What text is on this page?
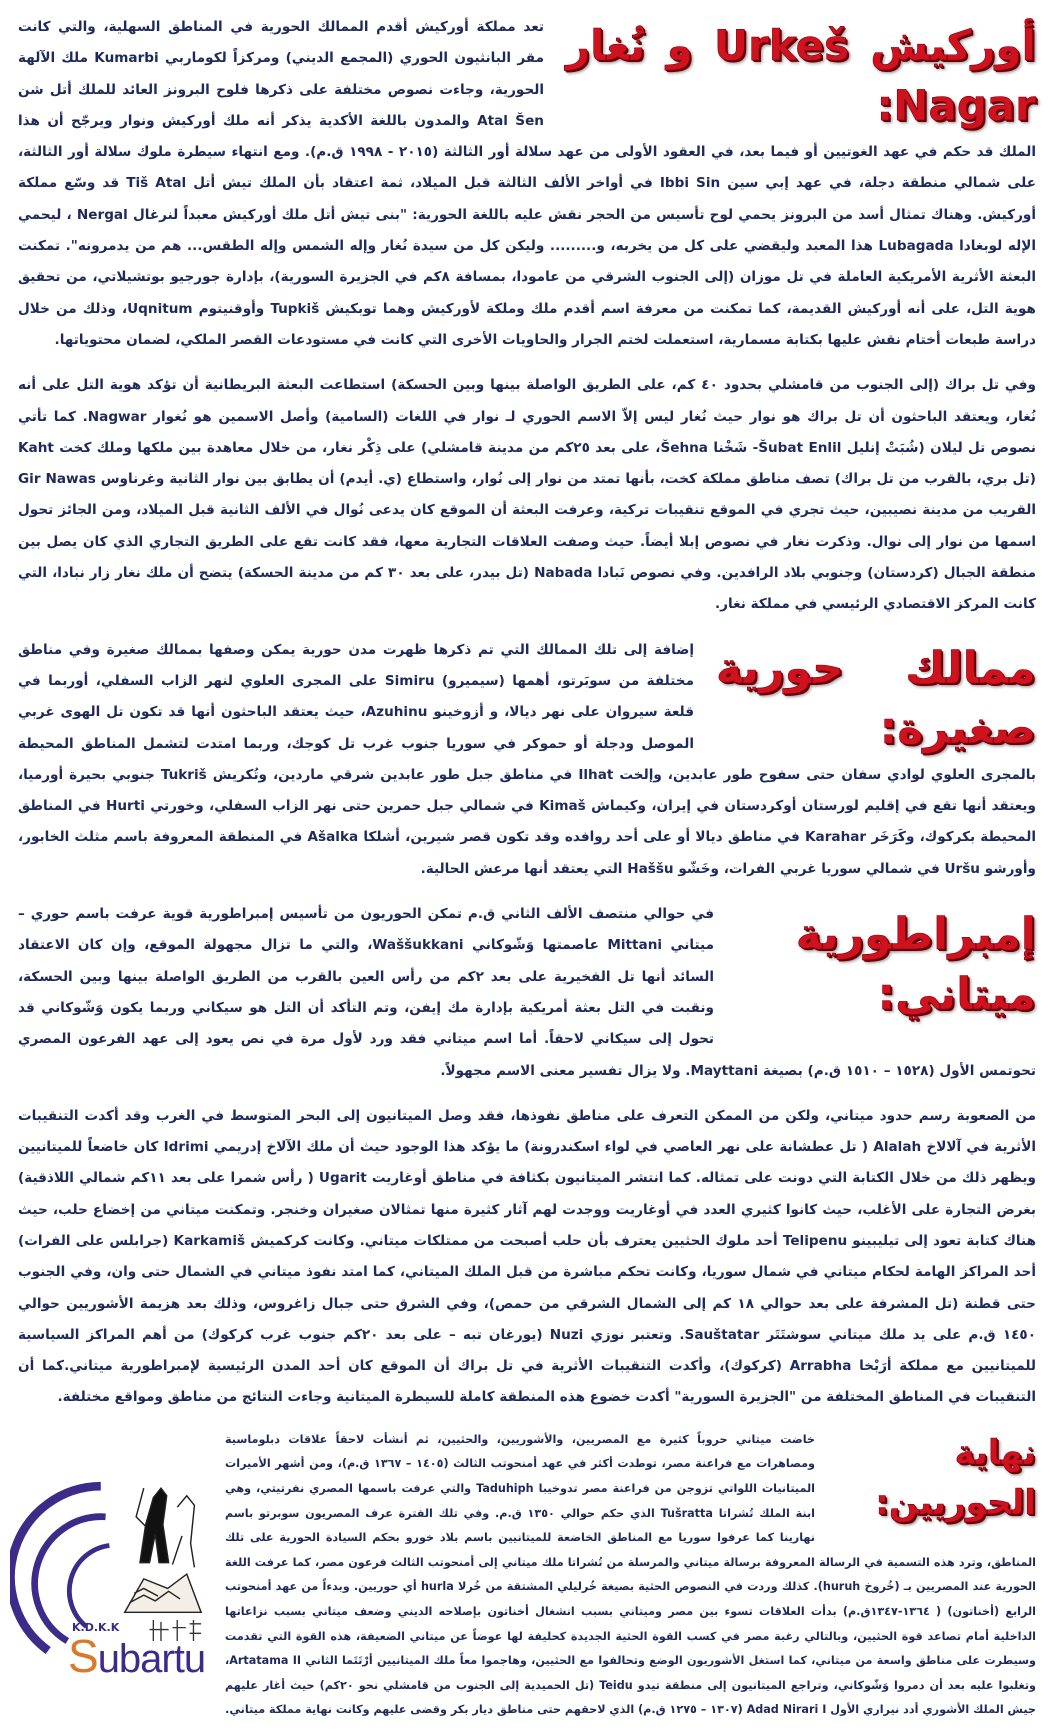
أوركيش Urkeš و نُغار Nagar:

تعد مملكة أوركيش أقدم الممالك الحورية في المناطق السهلية، والتي كانت مقر البانثيون الحوري (المجمع الديني) ومركزاً لكوماربي Kumarbi ملك الآلهة الحورية، وجاءت نصوص مختلفة على ذكرها فلوح البرونز العائد للملك أتل شن Atal Šen والمدون باللغة الأكدية يذكر أنه ملك أوركيش ونوار ويرجّح أن هذا الملك قد حكم في عهد الغوتيين أو فيما بعد، في العقود الأولى من عهد سلالة أور الثالثة (٢٠١٥ - ١٩٩٨ ق.م). ومع انتهاء سيطرة ملوك سلالة أور الثالثة، على شمالي منطقة دجلة، في عهد إبي سين Ibbi Sin في أواخر الألف الثالثة قبل الميلاد، ثمة اعتقاد بأن الملك تيش أتل Tiš Atal قد وسّع مملكة أوركيش. وهناك تمثال أسد من البرونز يحمي لوح تأسيس من الحجر نقش عليه باللغة الحورية: "بنى تيش أتل ملك أوركيش معبداً لنرغال Nergal ، ليحمي الإله لوبغادا Lubagada هذا المعبد وليقضي على كل من يخربه، و......... وليكن كل من سيدة نُغار وإله الشمس وإله الطقس... هم من يدمرونه". تمكنت البعثة الأثرية الأمريكية العاملة في تل موزان (إلى الجنوب الشرقي من عامودا، بمسافة ٨كم في الجزيرة السورية)، بإدارة جورجيو بوتشيلاتي، من تحقيق هوية التل، على أنه أوركيش القديمة، كما تمكنت من معرفة اسم أقدم ملك وملكة لأوركيش وهما توبكيش Tupkiš وأوقنيتوم Uqnitum، وذلك من خلال دراسة طبعات أختام نقش عليها بكتابة مسمارية، استعملت لختم الجرار والحاويات الأخرى التي كانت في مستودعات القصر الملكي، لضمان محتوياتها.

وفي تل براك (إلى الجنوب من قامشلي بحدود ٤٠ كم، على الطريق الواصلة بينها وبين الحسكة) استطاعت البعثة البريطانية أن تؤكد هوية التل على أنه نُغار، ويعتقد الباحثون أن تل براك هو نوار حيث نُغار ليس إلاّ الاسم الحوري لـ نوار في اللغات (السامية) وأصل الاسمين هو نُغوار Nagwar. كما تأتي نصوص تل ليلان (شُبَتْ إنليل Šubat Enlil- شَخْنا Šehna، على بعد ٢٥كم من مدينة قامشلي) على ذِكْر نغار، من خلال معاهدة بين ملكها وملك كخت Kaht (تل بري، بالقرب من تل براك) تصف مناطق مملكة كخت، بأنها تمتد من نوار إلى نُوار، واستطاع (ي. أيدم) أن يطابق بين نوار الثانية وغرناوس Gir Nawas القريب من مدينة نصيبين، حيث تجري في الموقع تنقيبات تركية، وعرفت البعثة أن الموقع كان يدعى نُوال في الألف الثانية قبل الميلاد، ومن الجائز تحول اسمها من نوار إلى نوال. وذكرت نغار في نصوص إبلا أيضاً. حيث وصفت العلاقات التجارية معها، فقد كانت تقع على الطريق التجاري الذي كان يصل بين منطقة الجبال (كردستان) وجنوبي بلاد الرافدين. وفي نصوص نَبادا Nabada (تل بيدر، على بعد ٣٠ كم من مدينة الحسكة) يتضح أن ملك نغار زار نبادا، التي كانت المركز الاقتصادي الرئيسي في مملكة نغار.

ممالك حورية صغيرة:

إضافة إلى تلك الممالك التي تم ذكرها ظهرت مدن حورية يمكن وصفها بممالك صغيرة وفي مناطق مختلفة من سوبَرتو، أهمها (سيميرو) Simiru على المجرى العلوي لنهر الزاب السفلي، أوربما في قلعة سيروان على نهر ديالا، و أزوخينو Azuhinu، حيث يعتقد الباحثون أنها قد تكون تل الهوى غربي الموصل ودجلة أو حموكر في سوريا جنوب غرب تل كوجك، وربما امتدت لتشمل المناطق المحيطة بالمجرى العلوي لوادي سفان حتى سفوح طور عابدين، وإلخت Ilhat في مناطق جبل طور عابدين شرقي ماردين، وتُكريش Tukriš جنوبي بحيرة أورميا، ويعتقد أنها تقع في إقليم لورستان أوكردستان في إيران، وكيماش Kimaš في شمالي جبل حمرين حتى نهر الزاب السفلي، وخورتي Hurti في المناطق المحيطة بكركوك، وكَرَخَر Karahar في مناطق ديالا أو على أحد روافده وقد تكون قصر شيرين، أشلكا Ašalka في المنطقة المعروفة باسم مثلث الخابور، وأورشو Uršu في شمالي سوريا غربي الفرات، وخَشّو Haššu التي يعتقد أنها مرعش الحالية.

إمبراطورية ميتاني:

في حوالي منتصف الألف الثاني ق.م تمكن الحوريون من تأسيس إمبراطورية قوية عرفت باسم حوري – ميتاني Mittani عاصمتها وَشّوكاني Waššukkani، والتي ما تزال مجهولة الموقع، وإن كان الاعتقاد السائد أنها تل الفخيرية على بعد ٢كم من رأس العين بالقرب من الطريق الواصلة بينها وبين الحسكة، ونقبت في التل بعثة أمريكية بإدارة مك إيفن، وتم التأكد أن التل هو سيكاني وربما يكون وَشّوكاني قد تحول إلى سيكاني لاحقاً. أما اسم ميتاني فقد ورد لأول مرة في نص يعود إلى عهد الفرعون المصري تحوتمس الأول (١٥٢٨ – ١٥١٠ ق.م) بصيغة Mayttani. ولا يزال تفسير معنى الاسم مجهولاً.

من الصعوبة رسم حدود ميتاني، ولكن من الممكن التعرف على مناطق نفوذها، فقد وصل الميتانيون إلى البحر المتوسط في الغرب وقد أكدت التنقيبات الأثرية في آلالاخ Alalah ( تل عطشانة على نهر العاصي في لواء اسكندرونة) ما يؤكد هذا الوجود حيث أن ملك الآلاخ إدريمي Idrimi كان خاضعاً للميتانيين ويظهر ذلك من خلال الكتابة التي دونت على تمثاله. كما انتشر الميتانيون بكثافة في مناطق أوغاريت Ugarit ( رأس شمرا على بعد ١١كم شمالي اللاذقية) بغرض التجارة على الأغلب، حيث كانوا كثيري العدد في أوغاريت ووجدت لهم آثار كثيرة منها تمثالان صغيران وخنجر. وتمكنت ميتاني من إخضاع حلب، حيث هناك كتابة تعود إلى تيليبينو Telipenu أحد ملوك الحثيين يعترف بأن حلب أصبحت من ممتلكات ميتاني. وكانت كركميش Karkamiš (جرابلس على الفرات) أحد المراكز الهامة لحكام ميتاني في شمال سوريا، وكانت تحكم مباشرة من قبل الملك الميتاني، كما امتد نفوذ ميتاني في الشمال حتى وان، وفي الجنوب حتى قطنة (تل المشرفة على بعد حوالي ١٨ كم إلى الشمال الشرقي من حمص)، وفي الشرق حتى جبال زاغروس، وذلك بعد هزيمة الأشوريين حوالي ١٤٥٠ ق.م على يد ملك ميتاني سوشتَتَر Sauštatar. وتعتبر نوزي Nuzi (يورغان تبه – على بعد ٢٠كم جنوب غرب كركوك) من أهم المراكز السياسية للميتانيين مع مملكة أرَبْخا Arrabha (كركوك)، وأكدت التنقيبات الأثرية في تل براك أن الموقع كان أحد المدن الرئيسية لإمبراطورية ميتاني.كما أن التنقيبات في المناطق المختلفة من "الجزيرة السورية" أكدت خضوع هذه المنطقة كاملة للسيطرة الميتانية وجاءت النتائج من مناطق ومواقع مختلفة.

نهاية الحوريين:
K.D.K.K
Subartu

خاضت ميتاني حروباً كثيرة مع المصريين، والأشوريين، والحثيين، ثم أنشأت لاحقاً علاقات دبلوماسية ومصاهرات مع فراعنة مصر، توطدت أكثر في عهد أمنحوتب الثالث (١٤٠٥ – ١٣٦٧ ق.م)، ومن أشهر الأميرات الميتانيات اللواتي تزوجن من فراعنة مصر تدوخيبا Taduhiph والتي عرفت باسمها المصري نفرتيتي، وهي ابنة الملك تُشراتا Tušratta الذي حكم حوالي ١٣٥٠ ق.م. وفي تلك الفترة عرف المصريون سوبرتو باسم نهارينا كما عرفوا سوريا مع المناطق الخاضعة للميتانيين باسم بلاد خورو بحكم السيادة الحورية على تلك المناطق، وترد هذه التسمية في الرسالة المعروفة برسالة ميتاني والمرسلة من تُشراتا ملك ميتاني إلى أمنحوتب الثالث فرعون مصر، كما عرفت اللغة الحورية عند المصريين بـ (خُروخ huruh). كذلك وردت في النصوص الحثية بصيغة خُرليلي المشتقة من خُرلا hurla أي حوريين. وبدءاً من عهد أمنحوتب الرابع (أخناتون) ( ١٣٦٤-١٣٤٧ق.م) بدأت العلاقات تسوء بين مصر وميتاني بسبب انشغال أخناتون بإصلاحه الديني وضعف ميتاني بسبب نزاعاتها الداخلية أمام تصاعد قوة الحثيين، وبالتالي رغبة مصر في كسب القوة الحثية الجديدة كحليفة لها عوضاً عن ميتاني الضعيفة، هذه القوة التي تقدمت وسيطرت على مناطق واسعة من ميتاني، كما استغل الأشوريون الوضع وتحالفوا مع الحثيين، وهاجموا معاً ملك الميتانيين أرْتَتَما الثاني Artatama II، وتغلبوا عليه بعد أن دمروا وَشّوكاني، وتراجع الميتانيون إلى منطقة تيدو Teidu (تل الحميدية إلى الجنوب من قامشلي نحو ٢٠كم) حيث أغار عليهم جيش الملك الأشوري أدد نيراري الأول Adad Nirari I (١٣٠٧ – ١٢٧٥ ق.م) الذي لاحقهم حتى مناطق ديار بكر وقضى عليهم وكانت نهاية مملكة ميتاني.
